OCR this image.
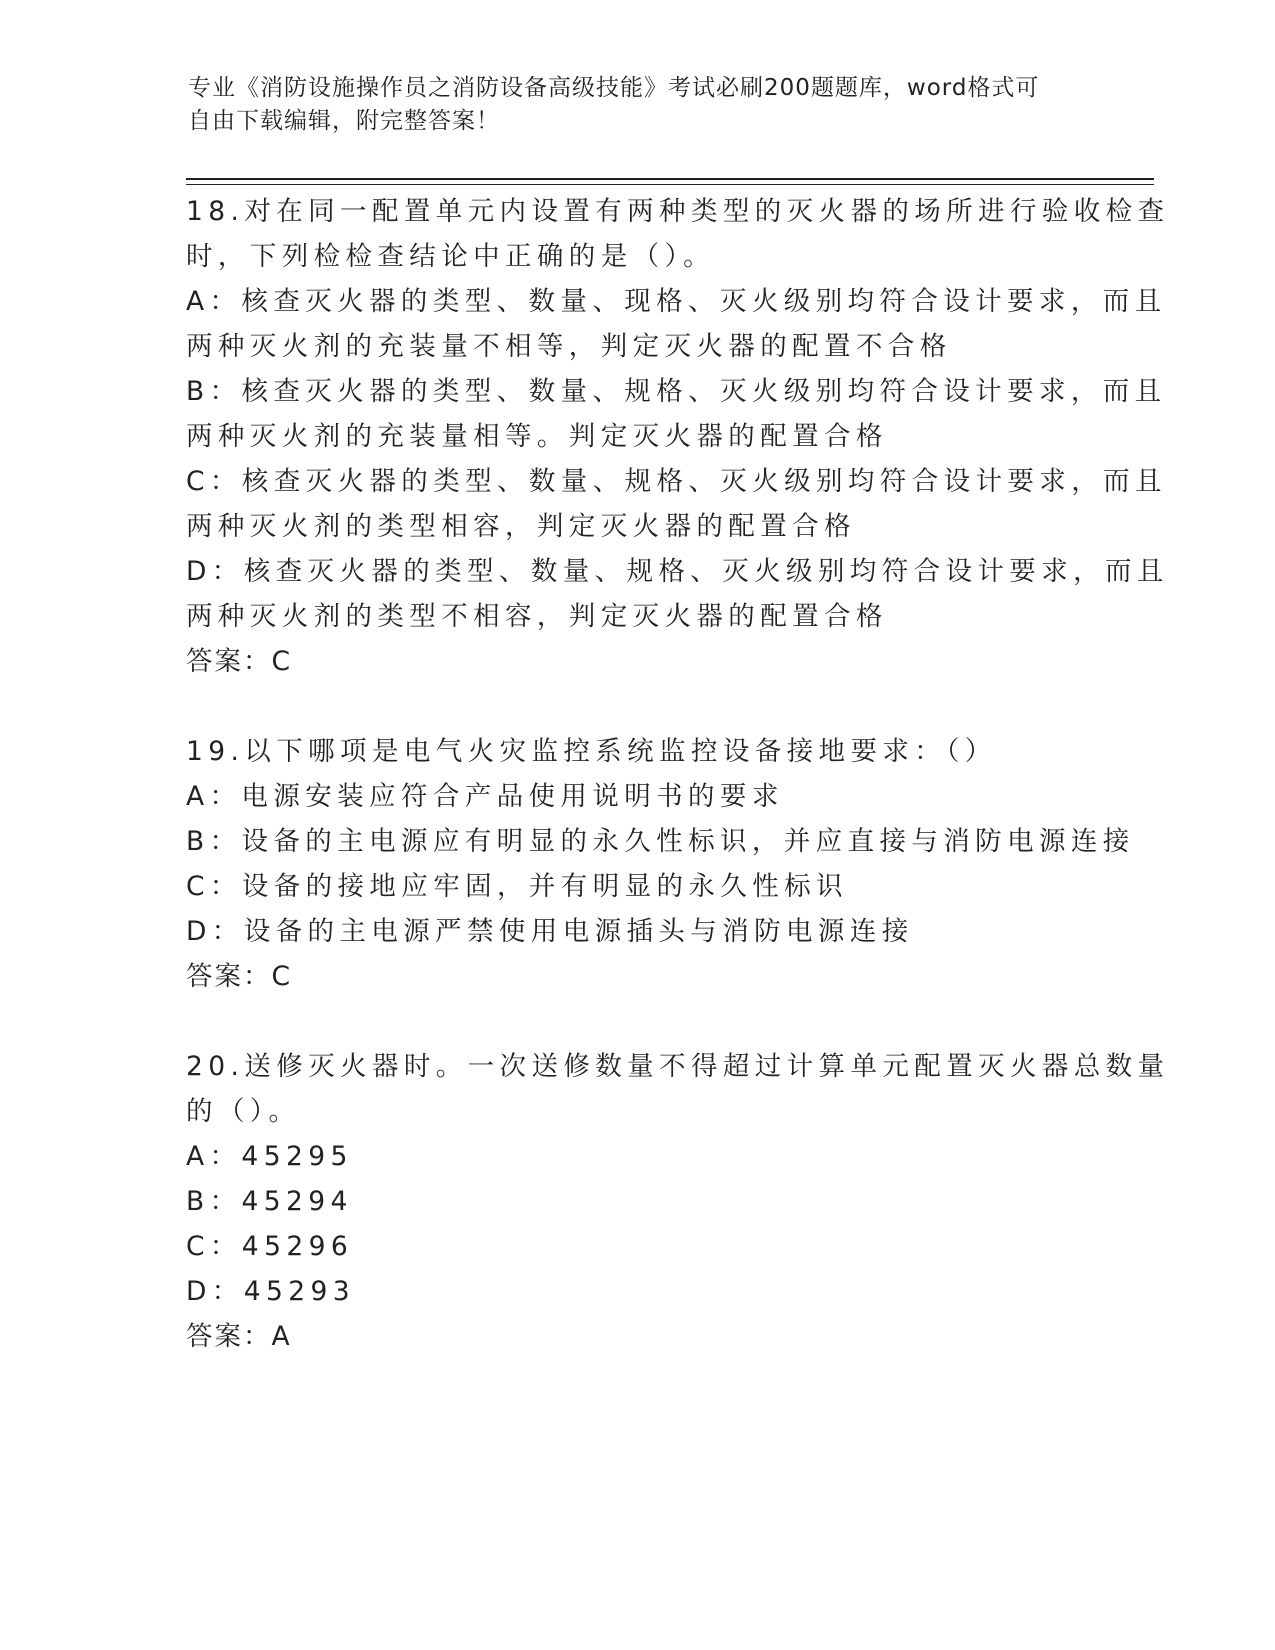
专业《消防设施操作员之消防设备高级技能》考试必刷200题题库，word格式可
自由下载编辑，附完整答案！
18.对在同一配置单元内设置有两种类型的灭火器的场所进行验收检查
时，下列检检查结论中正确的是（）。
A：核查灭火器的类型、数量、现格、灭火级别均符合设计要求，而且
两种灭火剂的充装量不相等，判定灭火器的配置不合格
B：核查灭火器的类型、数量、规格、灭火级别均符合设计要求，而且
两种灭火剂的充装量相等。判定灭火器的配置合格
C：核查灭火器的类型、数量、规格、灭火级别均符合设计要求，而且
两种灭火剂的类型相容，判定灭火器的配置合格
D：核查灭火器的类型、数量、规格、灭火级别均符合设计要求，而且
两种灭火剂的类型不相容，判定灭火器的配置合格
答案：C
19.以下哪项是电气火灾监控系统监控设备接地要求：（）
A：电源安装应符合产品使用说明书的要求
B：设备的主电源应有明显的永久性标识，并应直接与消防电源连接
C：设备的接地应牢固，并有明显的永久性标识
D：设备的主电源严禁使用电源插头与消防电源连接
答案：C
20.送修灭火器时。一次送修数量不得超过计算单元配置灭火器总数量
的（）。
A：45295
B：45294
C：45296
D：45293
答案：A
